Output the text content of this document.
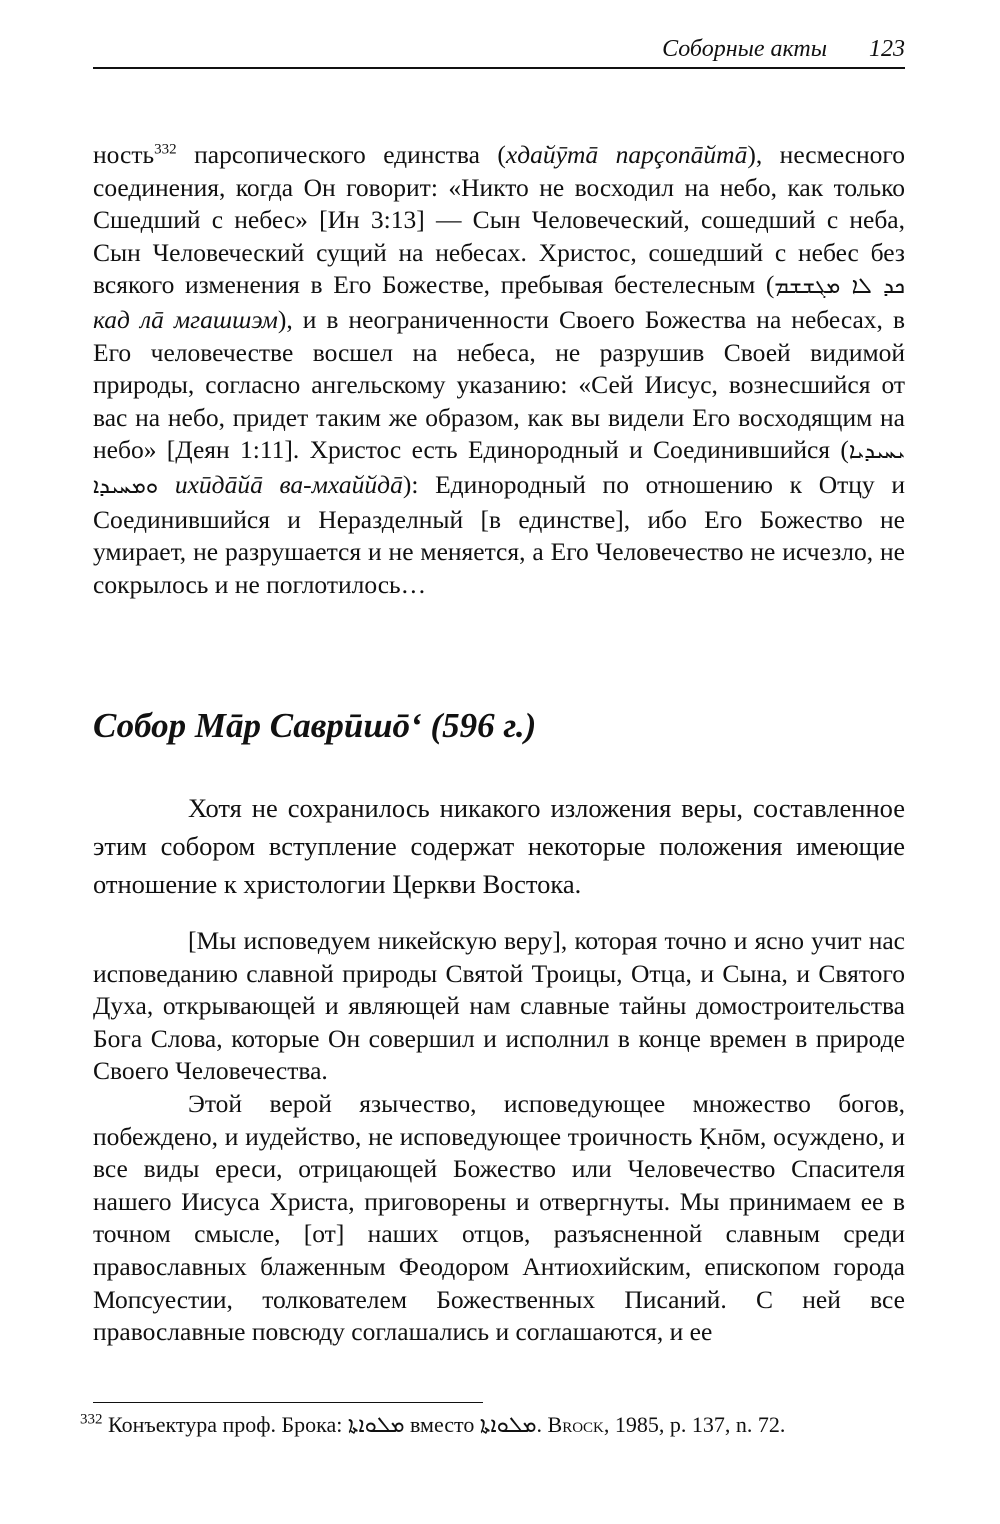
Соборные акты 123

ность$^{332}$ парсопического единства (хдайӯтā парçопāйтā), несмесного соединения, когда Он говорит: «Никто не восходил на небо, как только Сшедший с небес» [Ин 3:13] — Сын Человеческий, сошедший с неба, Сын Человеческий сущий на небесах. Христос, сошедший с небес без всякого изменения в Его Божестве, пребывая бестелесным (ܟܕ ܠܐ ܡܓܫܫܡ кад лā мгашшэм), и в неограниченности Своего Божества на небесах, в Его человечестве восшел на небеса, не разрушив Своей видимой природы, согласно ангельскому указанию: «Сей Иисус, вознесшийся от вас на небо, придет таким же образом, как вы видели Его восходящим на небо» [Деян 1:11]. Христос есть Единородный и Соединившийся (ܝܚܝܕܝܐ ܘܡܚܝܕܐ ихӣдāйā ва-мхаййдā): Единородный по отношению к Отцу и Соединившийся и Неразделный [в единстве], ибо Его Божество не умирает, не разрушается и не меняется, а Его Человечество не исчезло, не сокрылось и не поглотилось…

Собор Мāр Саврӣшō‘ (596 г.)

Хотя не сохранилось никакого изложения веры, составленное этим собором вступление содержат некоторые положения имеющие отношение к христологии Церкви Востока.

[Мы исповедуем никейскую веру], которая точно и ясно учит нас исповеданию славной природы Святой Троицы, Отца, и Сына, и Святого Духа, открывающей и являющей нам славные тайны домостроительства Бога Слова, которые Он совершил и исполнил в конце времен в природе Своего Человечества.

Этой верой язычество, исповедующее множество богов, побеждено, и иудейство, не исповедующее троичность Ḳнōм, осуждено, и все виды ереси, отрицающей Божество или Человечество Спасителя нашего Иисуса Христа, приговорены и отвергнуты. Мы принимаем ее в точном смысле, [от] наших отцов, разъясненной славным среди православных блаженным Феодором Антиохийским, епископом города Мопсуестии, толкователем Божественных Писаний. С ней все православные повсюду соглашались и соглашаются, и ее

$^{332}$ Конъектура проф. Брока: ܡܠܘܐܬܐ вместо ܡܠܘܐܬܐ. Brock, 1985, p. 137, n. 72.
